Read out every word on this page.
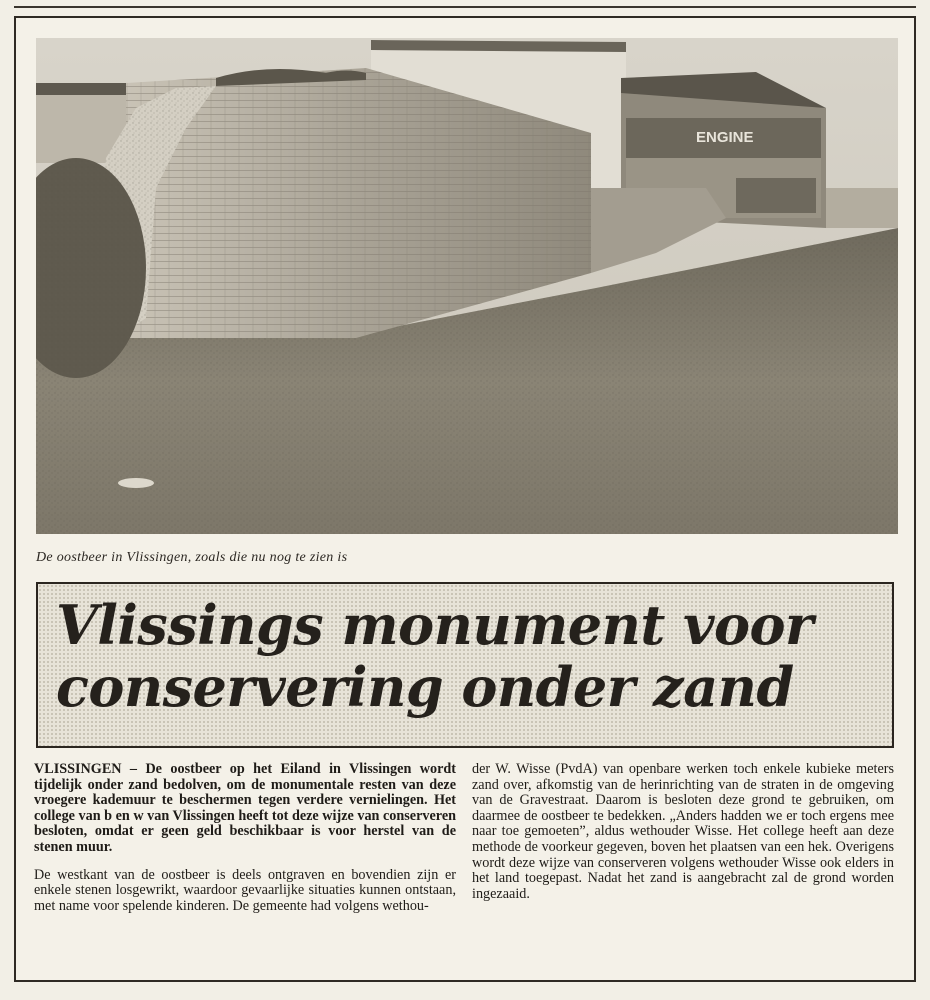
ENGINE
De oostbeer in Vlissingen, zoals die nu nog te zien is
Vlissings monument voor
conservering onder zand

VLISSINGEN – De oostbeer op het Eiland in Vlissingen wordt tijdelijk onder zand bedolven, om de monumentale resten van deze vroegere kademuur te beschermen tegen verdere vernielingen. Het college van b en w van Vlissingen heeft tot deze wijze van conserveren besloten, omdat er geen geld beschikbaar is voor herstel van de stenen muur.

De westkant van de oostbeer is deels ontgraven en bovendien zijn er enkele stenen losgewrikt, waardoor gevaarlijke situaties kunnen ontstaan, met name voor spelende kinderen. De gemeente had volgens wethou-

der W. Wisse (PvdA) van openbare werken toch enkele kubieke meters zand over, afkomstig van de herinrichting van de straten in de omgeving van de Gravestraat. Daarom is besloten deze grond te gebruiken, om daarmee de oostbeer te bedekken. „Anders hadden we er toch ergens mee naar toe gemoeten”, aldus wethouder Wisse. Het college heeft aan deze methode de voorkeur gegeven, boven het plaatsen van een hek. Overigens wordt deze wijze van conserveren volgens wethouder Wisse ook elders in het land toegepast. Nadat het zand is aangebracht zal de grond worden ingezaaid.
